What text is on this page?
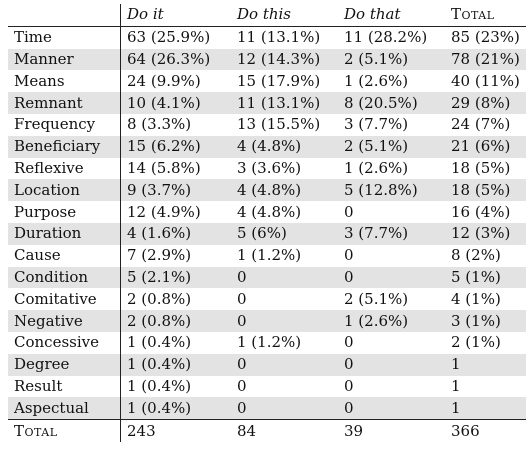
	Do it	Do this	Do that	Total
Time	63 (25.9%)	11 (13.1%)	11 (28.2%)	85 (23%)
Manner	64 (26.3%)	12 (14.3%)	2 (5.1%)	78 (21%)
Means	24 (9.9%)	15 (17.9%)	1 (2.6%)	40 (11%)
Remnant	10 (4.1%)	11 (13.1%)	8 (20.5%)	29 (8%)
Frequency	8 (3.3%)	13 (15.5%)	3 (7.7%)	24 (7%)
Beneficiary	15 (6.2%)	4 (4.8%)	2 (5.1%)	21 (6%)
Reflexive	14 (5.8%)	3 (3.6%)	1 (2.6%)	18 (5%)
Location	9 (3.7%)	4 (4.8%)	5 (12.8%)	18 (5%)
Purpose	12 (4.9%)	4 (4.8%)	0	16 (4%)
Duration	4 (1.6%)	5 (6%)	3 (7.7%)	12 (3%)
Cause	7 (2.9%)	1 (1.2%)	0	8 (2%)
Condition	5 (2.1%)	0	0	5 (1%)
Comitative	2 (0.8%)	0	2 (5.1%)	4 (1%)
Negative	2 (0.8%)	0	1 (2.6%)	3 (1%)
Concessive	1 (0.4%)	1 (1.2%)	0	2 (1%)
Degree	1 (0.4%)	0	0	1
Result	1 (0.4%)	0	0	1
Aspectual	1 (0.4%)	0	0	1
Total	243	84	39	366
